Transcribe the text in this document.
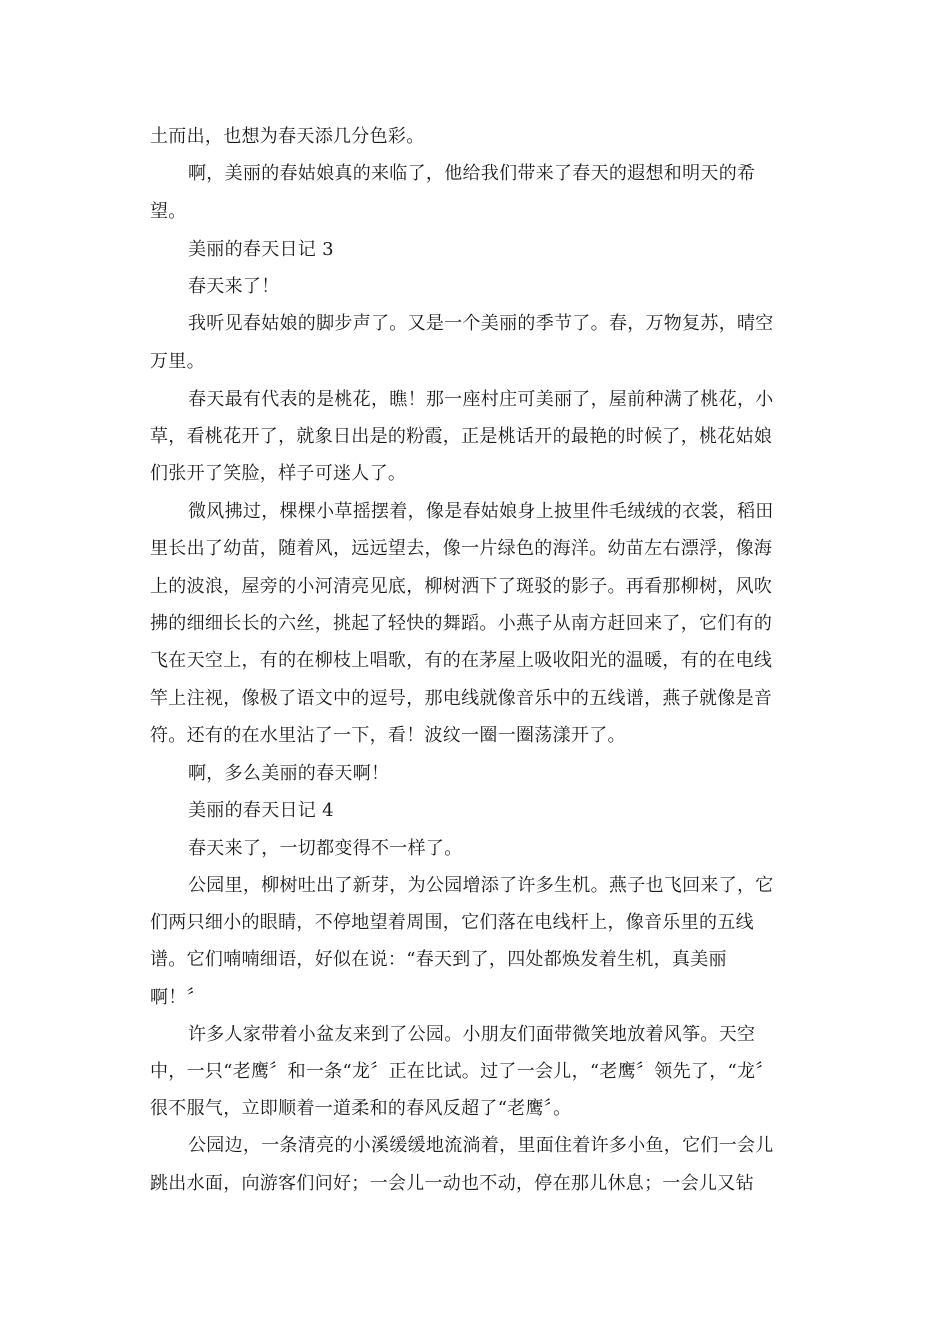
土而出，也想为春天添几分色彩。
啊，美丽的春姑娘真的来临了，他给我们带来了春天的遐想和明天的希
望。
美丽的春天日记 3
春天来了！
我听见春姑娘的脚步声了。又是一个美丽的季节了。春，万物复苏，晴空
万里。
春天最有代表的是桃花，瞧！那一座村庄可美丽了，屋前种满了桃花，小
草，看桃花开了，就象日出是的粉霞，正是桃话开的最艳的时候了，桃花姑娘
们张开了笑脸，样子可迷人了。
微风拂过，棵棵小草摇摆着，像是春姑娘身上披里件毛绒绒的衣裳，稻田
里长出了幼苗，随着风，远远望去，像一片绿色的海洋。幼苗左右漂浮，像海
上的波浪，屋旁的小河清亮见底，柳树洒下了斑驳的影子。再看那柳树，风吹
拂的细细长长的六丝，挑起了轻快的舞蹈。小燕子从南方赶回来了，它们有的
飞在天空上，有的在柳枝上唱歌，有的在茅屋上吸收阳光的温暖，有的在电线
竿上注视，像极了语文中的逗号，那电线就像音乐中的五线谱，燕子就像是音
符。还有的在水里沾了一下，看！波纹一圈一圈荡漾开了。
啊，多么美丽的春天啊！
美丽的春天日记 4
春天来了，一切都变得不一样了。
公园里，柳树吐出了新芽，为公园增添了许多生机。燕子也飞回来了，它
们两只细小的眼睛，不停地望着周围，它们落在电线杆上，像音乐里的五线
谱。它们喃喃细语，好似在说：“春天到了，四处都焕发着生机，真美丽
啊！〞
许多人家带着小盆友来到了公园。小朋友们面带微笑地放着风筝。天空
中，一只“老鹰〞和一条“龙〞正在比试。过了一会儿，“老鹰〞领先了，“龙〞
很不服气，立即顺着一道柔和的春风反超了“老鹰〞。
公园边，一条清亮的小溪缓缓地流淌着，里面住着许多小鱼，它们一会儿
跳出水面，向游客们问好；一会儿一动也不动，停在那儿休息；一会儿又钻
